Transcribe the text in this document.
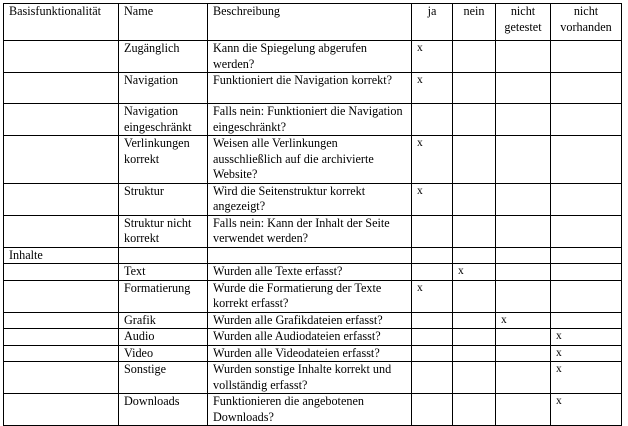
Basisfunktionalität	Name	Beschreibung	ja	nein	nicht getestet	nicht vorhanden
	Zugänglich	Kann die Spiegelung abgerufen werden?	x			
	Navigation	Funktioniert die Navigation korrekt?	x			
	Navigation eingeschränkt	Falls nein: Funktioniert die Navigation eingeschränkt?				
	Verlinkungen korrekt	Weisen alle Verlinkungen ausschließlich auf die archivierte Website?	x			
	Struktur	Wird die Seitenstruktur korrekt angezeigt?	x			
	Struktur nicht korrekt	Falls nein: Kann der Inhalt der Seite verwendet werden?				
Inhalte						
	Text	Wurden alle Texte erfasst?		x		
	Formatierung	Wurde die Formatierung der Texte korrekt erfasst?	x			
	Grafik	Wurden alle Grafikdateien erfasst?			x	
	Audio	Wurden alle Audiodateien erfasst?				x
	Video	Wurden alle Videodateien erfasst?				x
	Sonstige	Wurden sonstige Inhalte korrekt und vollständig erfasst?				x
	Downloads	Funktionieren die angebotenen Downloads?				x
